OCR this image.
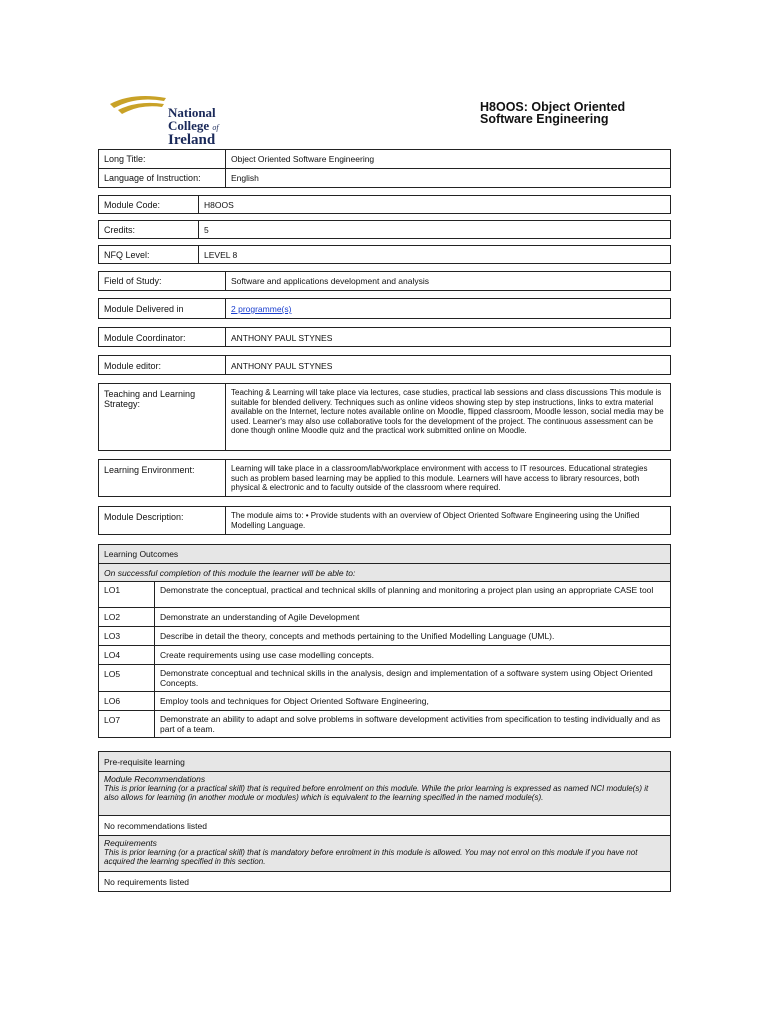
National
College of
Ireland
H8OOS: Object Oriented
Software Engineering
Long Title:	Object Oriented Software Engineering
Language of Instruction:	English
Module Code:	H8OOS
Credits:	5
NFQ Level:	LEVEL 8
Field of Study:	Software and applications development and analysis
Module Delivered in	2 programme(s)
Module Coordinator:	ANTHONY PAUL STYNES
Module editor:	ANTHONY PAUL STYNES
Teaching and Learning Strategy:	Teaching & Learning will take place via lectures, case studies, practical lab sessions and class discussions This module is suitable for blended delivery. Techniques such as online videos showing step by step instructions, links to extra material available on the Internet, lecture notes available online on Moodle, flipped classroom, Moodle lesson, social media may be used. Learner's may also use collaborative tools for the development of the project. The continuous assessment can be done though online Moodle quiz and the practical work submitted online on Moodle.
Learning Environment:	Learning will take place in a classroom/lab/workplace environment with access to IT resources. Educational strategies such as problem based learning may be applied to this module. Learners will have access to library resources, both physical & electronic and to faculty outside of the classroom where required.
Module Description:	The module aims to: • Provide students with an overview of Object Oriented Software Engineering using the Unified Modelling Language.
Learning Outcomes	
On successful completion of this module the learner will be able to:	
LO1	Demonstrate the conceptual, practical and technical skills of planning and monitoring a project plan using an appropriate CASE tool
LO2	Demonstrate an understanding of Agile Development
LO3	Describe in detail the theory, concepts and methods pertaining to the Unified Modelling Language (UML).
LO4	Create requirements using use case modelling concepts.
LO5	Demonstrate conceptual and technical skills in the analysis, design and implementation of a software system using Object Oriented Concepts.
LO6	Employ tools and techniques for Object Oriented Software Engineering,
LO7	Demonstrate an ability to adapt and solve problems in software development activities from specification to testing individually and as part of a team.
Pre-requisite learning

Module Recommendations
This is prior learning (or a practical skill) that is required before enrolment on this module. While the prior learning is expressed as named NCI module(s) it also allows for learning (in another module or modules) which is equivalent to the learning specified in the named module(s).

No recommendations listed

Requirements
This is prior learning (or a practical skill) that is mandatory before enrolment in this module is allowed. You may not enrol on this module if you have not acquired the learning specified in this section.

No requirements listed
